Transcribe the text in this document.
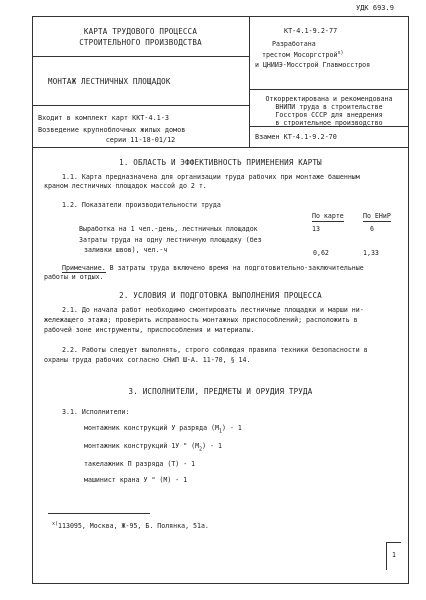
УДК 693.9
КАРТА ТРУДОВОГО ПРОЦЕССА
СТРОИТЕЛЬНОГО ПРОИЗВОДСТВА
МОНТАЖ ЛЕСТНИЧНЫХ ПЛОЩАДОК
Входит в комплект карт ККТ-4.1-3
Возведение крупноблочных жилых домов
серии 11-18-01/12
КТ-4.1-9.2-77
Разработана
трестом Мосоргстрой$^{x)}$
и ЦНИИЭ-Моcстрой Главмосстроя
Откорректирована и рекомендована
ВНИПИ труда в строительстве
Госстроя СССР для внедрения
в строительное производство
Взамен КТ-4.1-9.2-70
1. ОБЛАСТЬ И ЭФФЕКТИВНОСТЬ ПРИМЕНЕНИЯ КАРТЫ
1.1. Карта предназначена для организации труда рабочих при монтаже башенным
краном лестничных площадок массой до 2 т.
1.2. Показатели производительности труда
По карте	По ЕНиР
Выработка на 1 чел.-день, лестничных площадок	13	6
Затраты труда на одну лестничную площадку (без
заливки швов), чел.-ч	0,62	1,33
Примечание. В затраты труда включено время на подготовительно-заключительные
работы и отдых.
2. УСЛОВИЯ И ПОДГОТОВКА ВЫПОЛНЕНИЯ ПРОЦЕССА
2.1. До начала работ необходимо смонтировать лестничные площадки и марши ни-
жележащего этажа; проверить исправность монтажных приспособлений; расположить в
рабочей зоне инструменты, приспособления и материалы.
2.2. Работы следует выполнять, строго соблюдая правила техники безопасности в
охраны труда рабочих согласно СНиП Ш-А. 11-70, § 14.
3. ИСПОЛНИТЕЛИ, ПРЕДМЕТЫ И ОРУДИЯ ТРУДА
3.1. Исполнители:
монтажник конструкций У разряда $(М_1) - 1$
монтажник конструкций 1У " $(М_2) - 1$
такелажник П разряда (Т) - 1
машинист крана У " (М) - 1
$^{x)}$113095, Москва, Ж-95, Б. Полянка, 51а.
1
